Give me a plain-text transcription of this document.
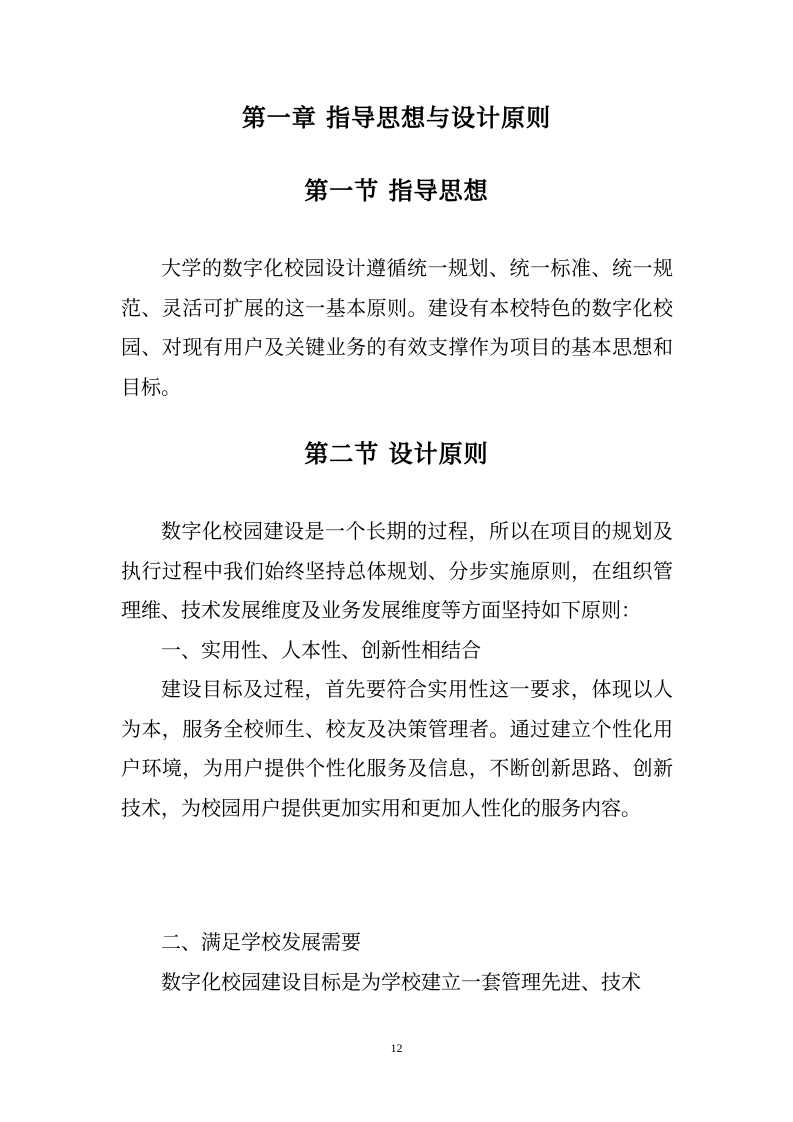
第一章 指导思想与设计原则
第一节 指导思想

大学的数字化校园设计遵循统一规划、统一标准、统一规范、灵活可扩展的这一基本原则。建设有本校特色的数字化校园、对现有用户及关键业务的有效支撑作为项目的基本思想和目标。

第二节 设计原则

数字化校园建设是一个长期的过程，所以在项目的规划及执行过程中我们始终坚持总体规划、分步实施原则，在组织管理维、技术发展维度及业务发展维度等方面坚持如下原则：

一、实用性、人本性、创新性相结合

建设目标及过程，首先要符合实用性这一要求，体现以人为本，服务全校师生、校友及决策管理者。通过建立个性化用户环境，为用户提供个性化服务及信息，不断创新思路、创新技术，为校园用户提供更加实用和更加人性化的服务内容。

二、满足学校发展需要

数字化校园建设目标是为学校建立一套管理先进、技术

12
